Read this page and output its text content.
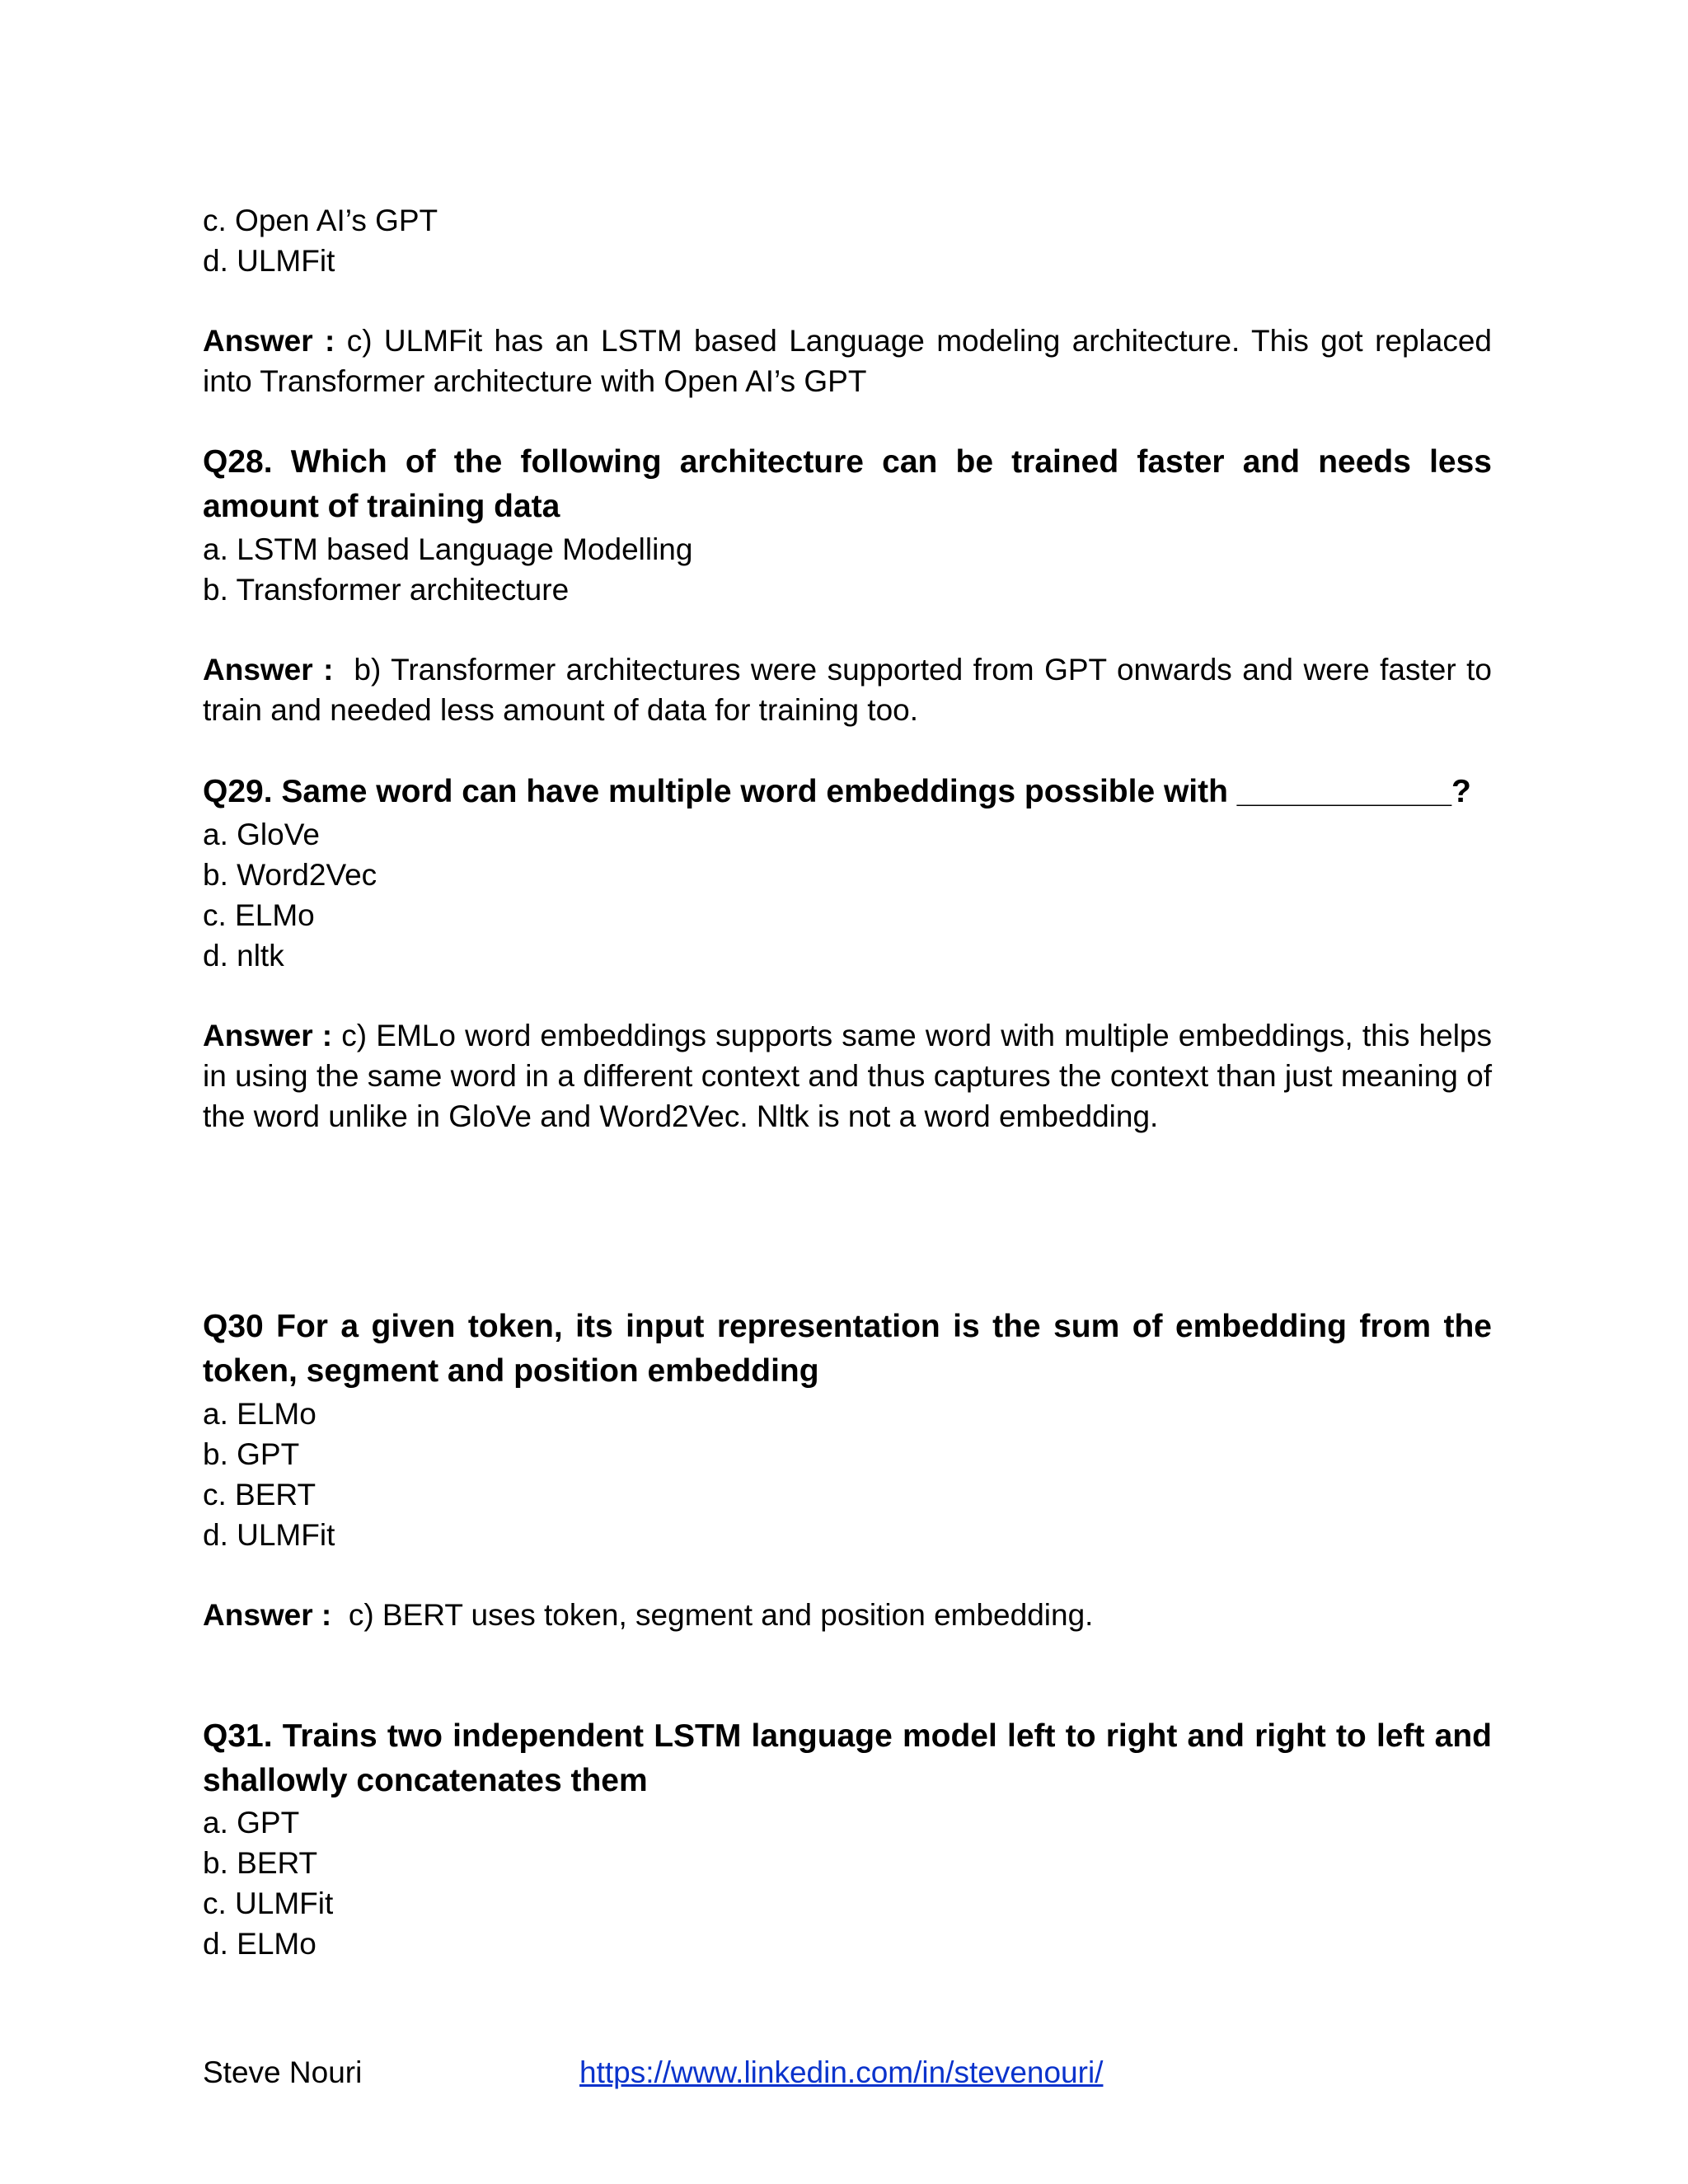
c. Open AI’s GPT
d. ULMFit
Answer : c) ULMFit has an LSTM based Language modeling architecture. This got replaced into Transformer architecture with Open AI’s GPT
Q28. Which of the following architecture can be trained faster and needs less amount of training data
a. LSTM based Language Modelling
b. Transformer architecture
Answer : b) Transformer architectures were supported from GPT onwards and were faster to train and needed less amount of data for training too.
Q29. Same word can have multiple word embeddings possible with ____________?
a. GloVe
b. Word2Vec
c. ELMo
d. nltk
Answer : c) EMLo word embeddings supports same word with multiple embeddings, this helps in using the same word in a different context and thus captures the context than just meaning of the word unlike in GloVe and Word2Vec. Nltk is not a word embedding.
Q30 For a given token, its input representation is the sum of embedding from the token, segment and position embedding
a. ELMo
b. GPT
c. BERT
d. ULMFit
Answer : c) BERT uses token, segment and position embedding.
Q31. Trains two independent LSTM language model left to right and right to left and shallowly concatenates them
a. GPT
b. BERT
c. ULMFit
d. ELMo
Steve Nouri	https://www.linkedin.com/in/stevenouri/
